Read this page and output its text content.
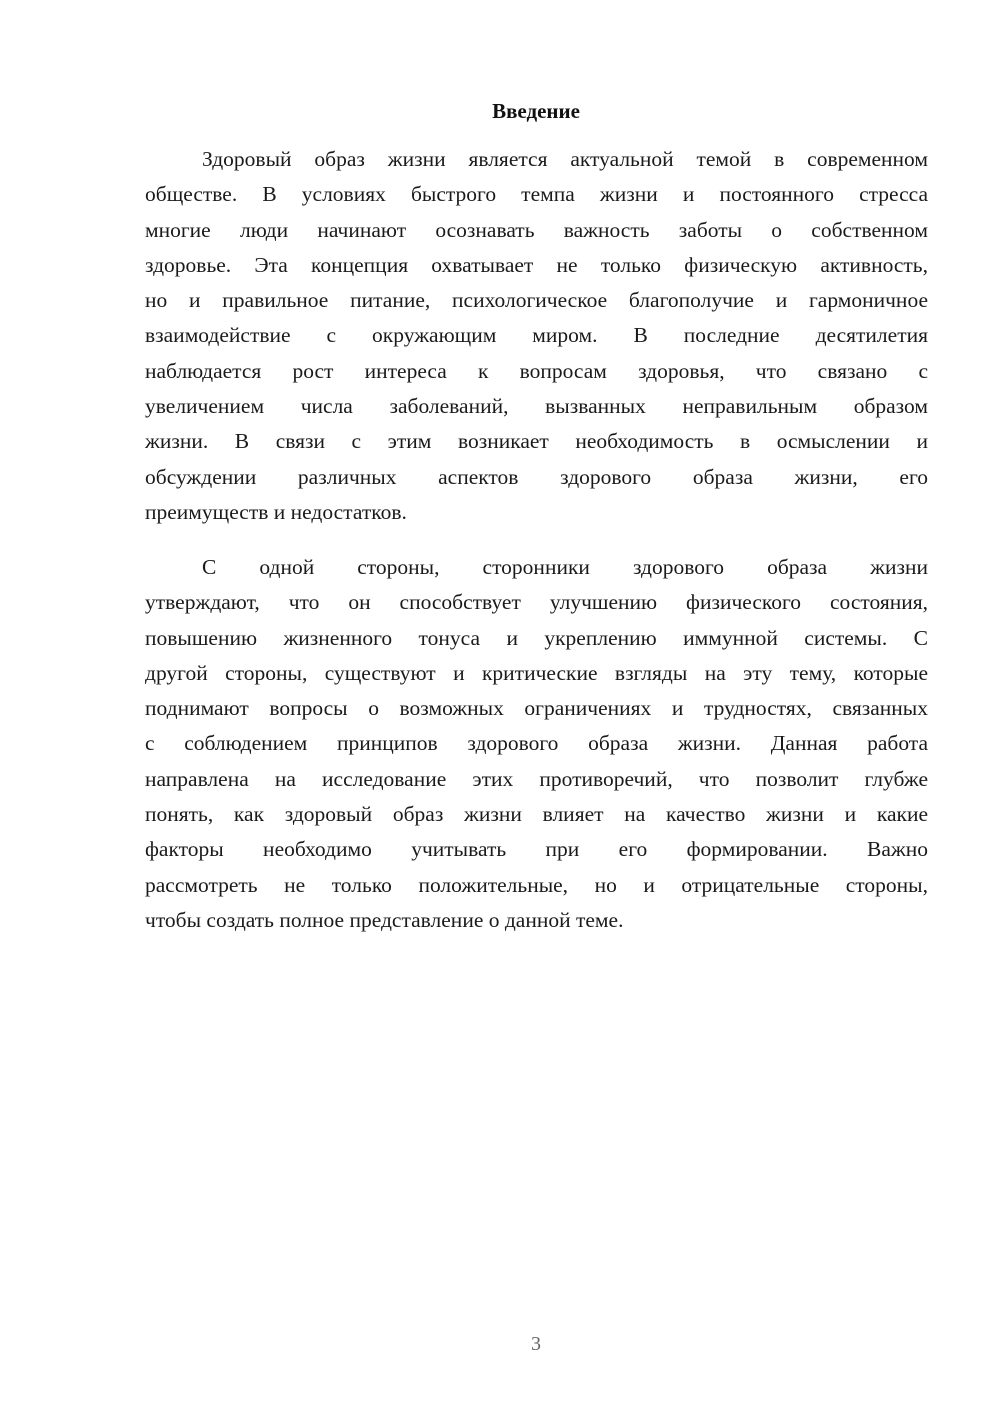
Введение
Здоровый образ жизни является актуальной темой в современном
обществе. В условиях быстрого темпа жизни и постоянного стресса
многие люди начинают осознавать важность заботы о собственном
здоровье. Эта концепция охватывает не только физическую активность,
но и правильное питание, психологическое благополучие и гармоничное
взаимодействие с окружающим миром. В последние десятилетия
наблюдается рост интереса к вопросам здоровья, что связано с
увеличением числа заболеваний, вызванных неправильным образом
жизни. В связи с этим возникает необходимость в осмыслении и
обсуждении различных аспектов здорового образа жизни, его
преимуществ и недостатков.
С одной стороны, сторонники здорового образа жизни
утверждают, что он способствует улучшению физического состояния,
повышению жизненного тонуса и укреплению иммунной системы. С
другой стороны, существуют и критические взгляды на эту тему, которые
поднимают вопросы о возможных ограничениях и трудностях, связанных
с соблюдением принципов здорового образа жизни. Данная работа
направлена на исследование этих противоречий, что позволит глубже
понять, как здоровый образ жизни влияет на качество жизни и какие
факторы необходимо учитывать при его формировании. Важно
рассмотреть не только положительные, но и отрицательные стороны,
чтобы создать полное представление о данной теме.
3
